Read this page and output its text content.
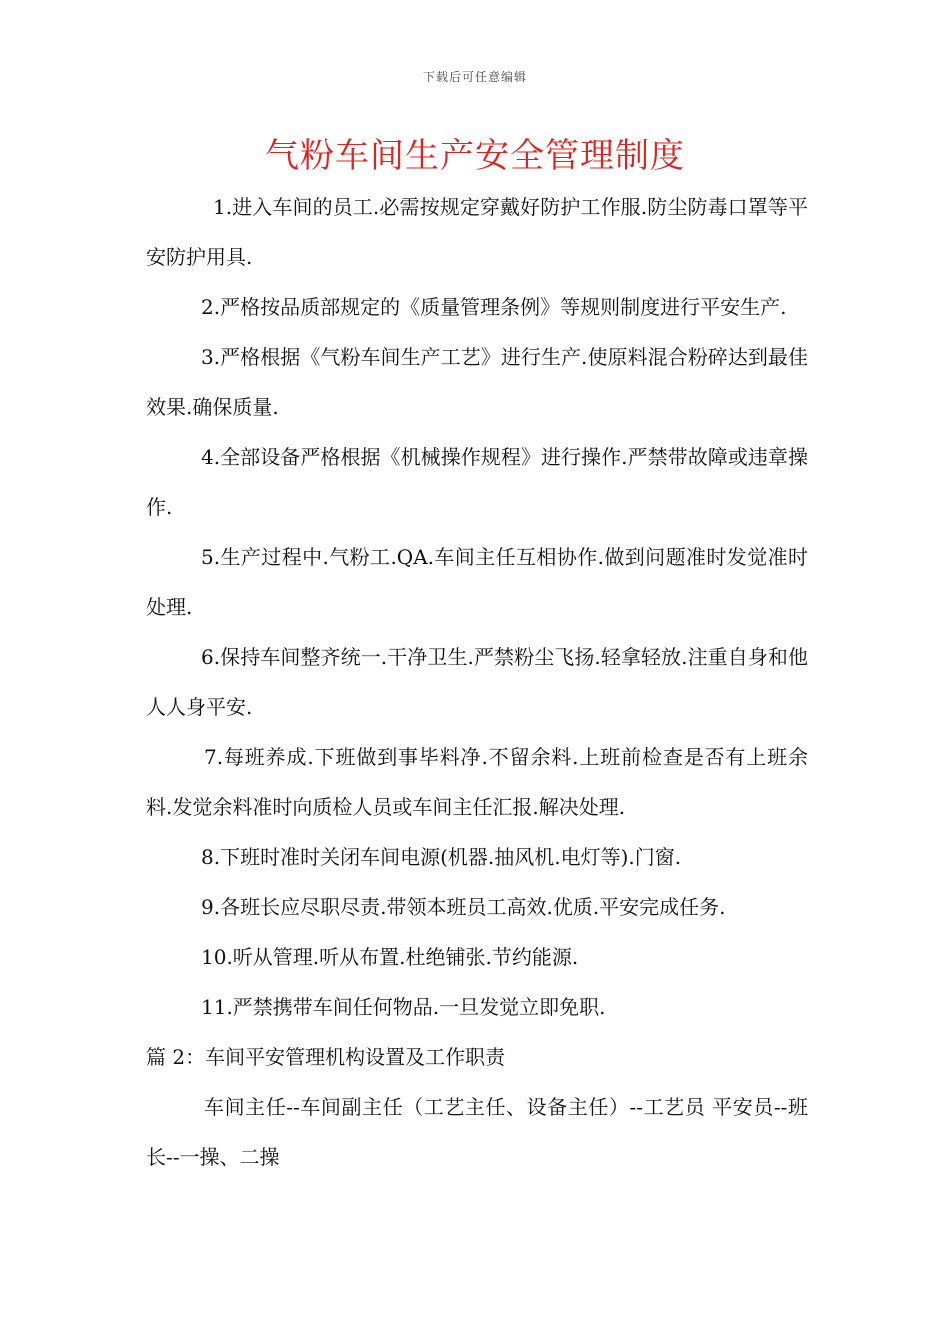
下载后可任意编辑
气粉车间生产安全管理制度

1.进入车间的员工.必需按规定穿戴好防护工作服.防尘防毒口罩等平安防护用具.

2.严格按品质部规定的《质量管理条例》等规则制度进行平安生产.

3.严格根据《气粉车间生产工艺》进行生产.使原料混合粉碎达到最佳效果.确保质量.

4.全部设备严格根据《机械操作规程》进行操作.严禁带故障或违章操作.

5.生产过程中.气粉工.QA.车间主任互相协作.做到问题准时发觉准时处理.

6.保持车间整齐统一.干净卫生.严禁粉尘飞扬.轻拿轻放.注重自身和他人人身平安.

7.每班养成.下班做到事毕料净.不留余料.上班前检查是否有上班余料.发觉余料准时向质检人员或车间主任汇报.解决处理.

8.下班时准时关闭车间电源(机器.抽风机.电灯等).门窗.

9.各班长应尽职尽责.带领本班员工高效.优质.平安完成任务.

10.听从管理.听从布置.杜绝铺张.节约能源.

11.严禁携带车间任何物品.一旦发觉立即免职.

篇 2：车间平安管理机构设置及工作职责

车间主任--车间副主任（工艺主任、设备主任）--工艺员 平安员--班长--一操、二操
